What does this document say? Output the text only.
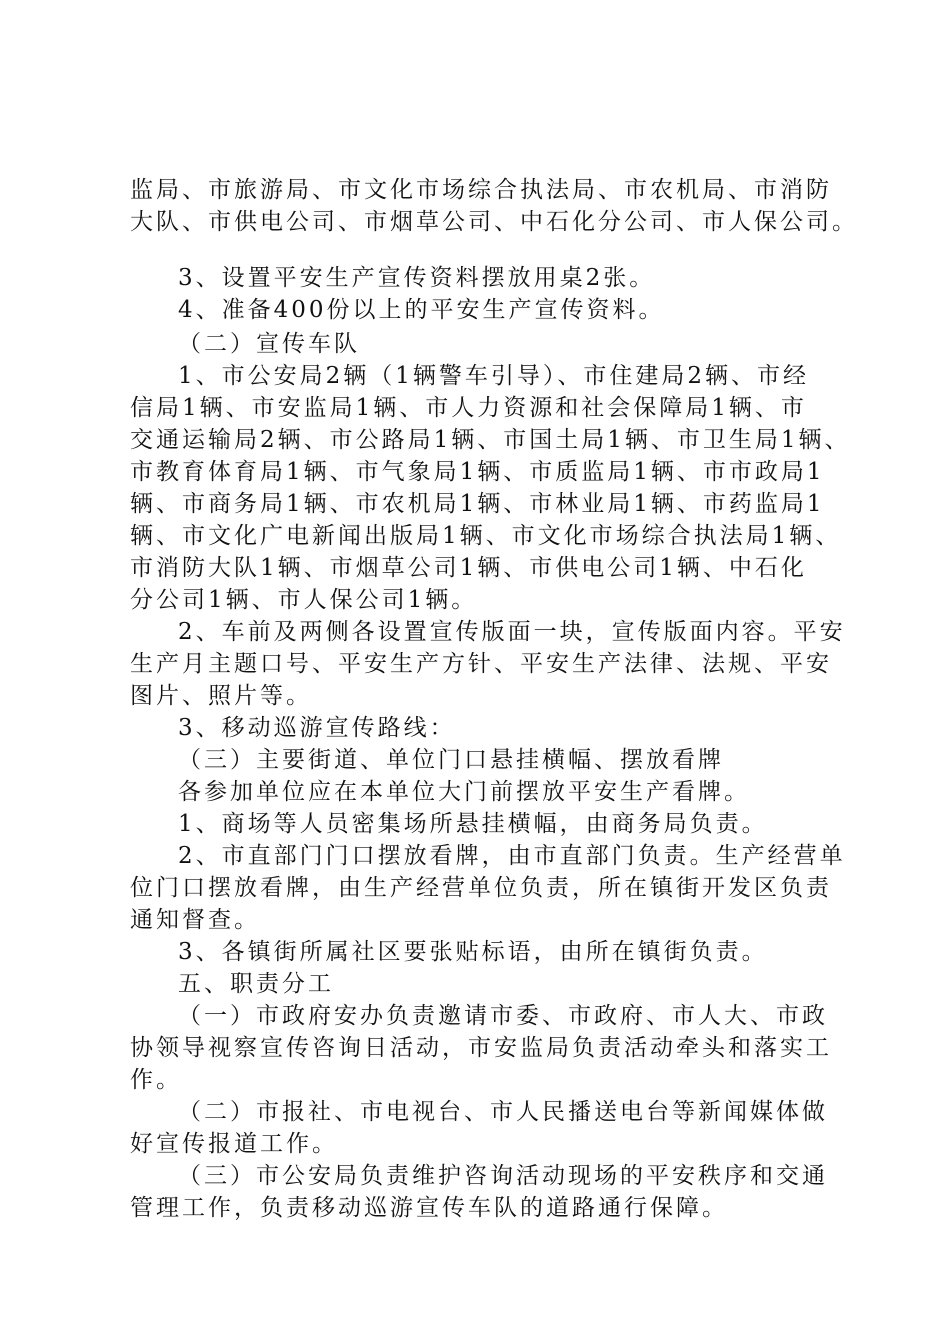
监局、市旅游局、市文化市场综合执法局、市农机局、市消防
大队、市供电公司、市烟草公司、中石化分公司、市人保公司。
3、设置平安生产宣传资料摆放用桌2张。
4、准备400份以上的平安生产宣传资料。
（二）宣传车队
1、市公安局2辆（1辆警车引导）、市住建局2辆、市经
信局1辆、市安监局1辆、市人力资源和社会保障局1辆、市
交通运输局2辆、市公路局1辆、市国土局1辆、市卫生局1辆、
市教育体育局1辆、市气象局1辆、市质监局1辆、市市政局1
辆、市商务局1辆、市农机局1辆、市林业局1辆、市药监局1
辆、市文化广电新闻出版局1辆、市文化市场综合执法局1辆、
市消防大队1辆、市烟草公司1辆、市供电公司1辆、中石化
分公司1辆、市人保公司1辆。
2、车前及两侧各设置宣传版面一块，宣传版面内容。平安
生产月主题口号、平安生产方针、平安生产法律、法规、平安
图片、照片等。
3、移动巡游宣传路线：
（三）主要街道、单位门口悬挂横幅、摆放看牌
各参加单位应在本单位大门前摆放平安生产看牌。
1、商场等人员密集场所悬挂横幅，由商务局负责。
2、市直部门门口摆放看牌，由市直部门负责。生产经营单
位门口摆放看牌，由生产经营单位负责，所在镇街开发区负责
通知督查。
3、各镇街所属社区要张贴标语，由所在镇街负责。
五、职责分工
（一）市政府安办负责邀请市委、市政府、市人大、市政
协领导视察宣传咨询日活动，市安监局负责活动牵头和落实工
作。
（二）市报社、市电视台、市人民播送电台等新闻媒体做
好宣传报道工作。
（三）市公安局负责维护咨询活动现场的平安秩序和交通
管理工作，负责移动巡游宣传车队的道路通行保障。
